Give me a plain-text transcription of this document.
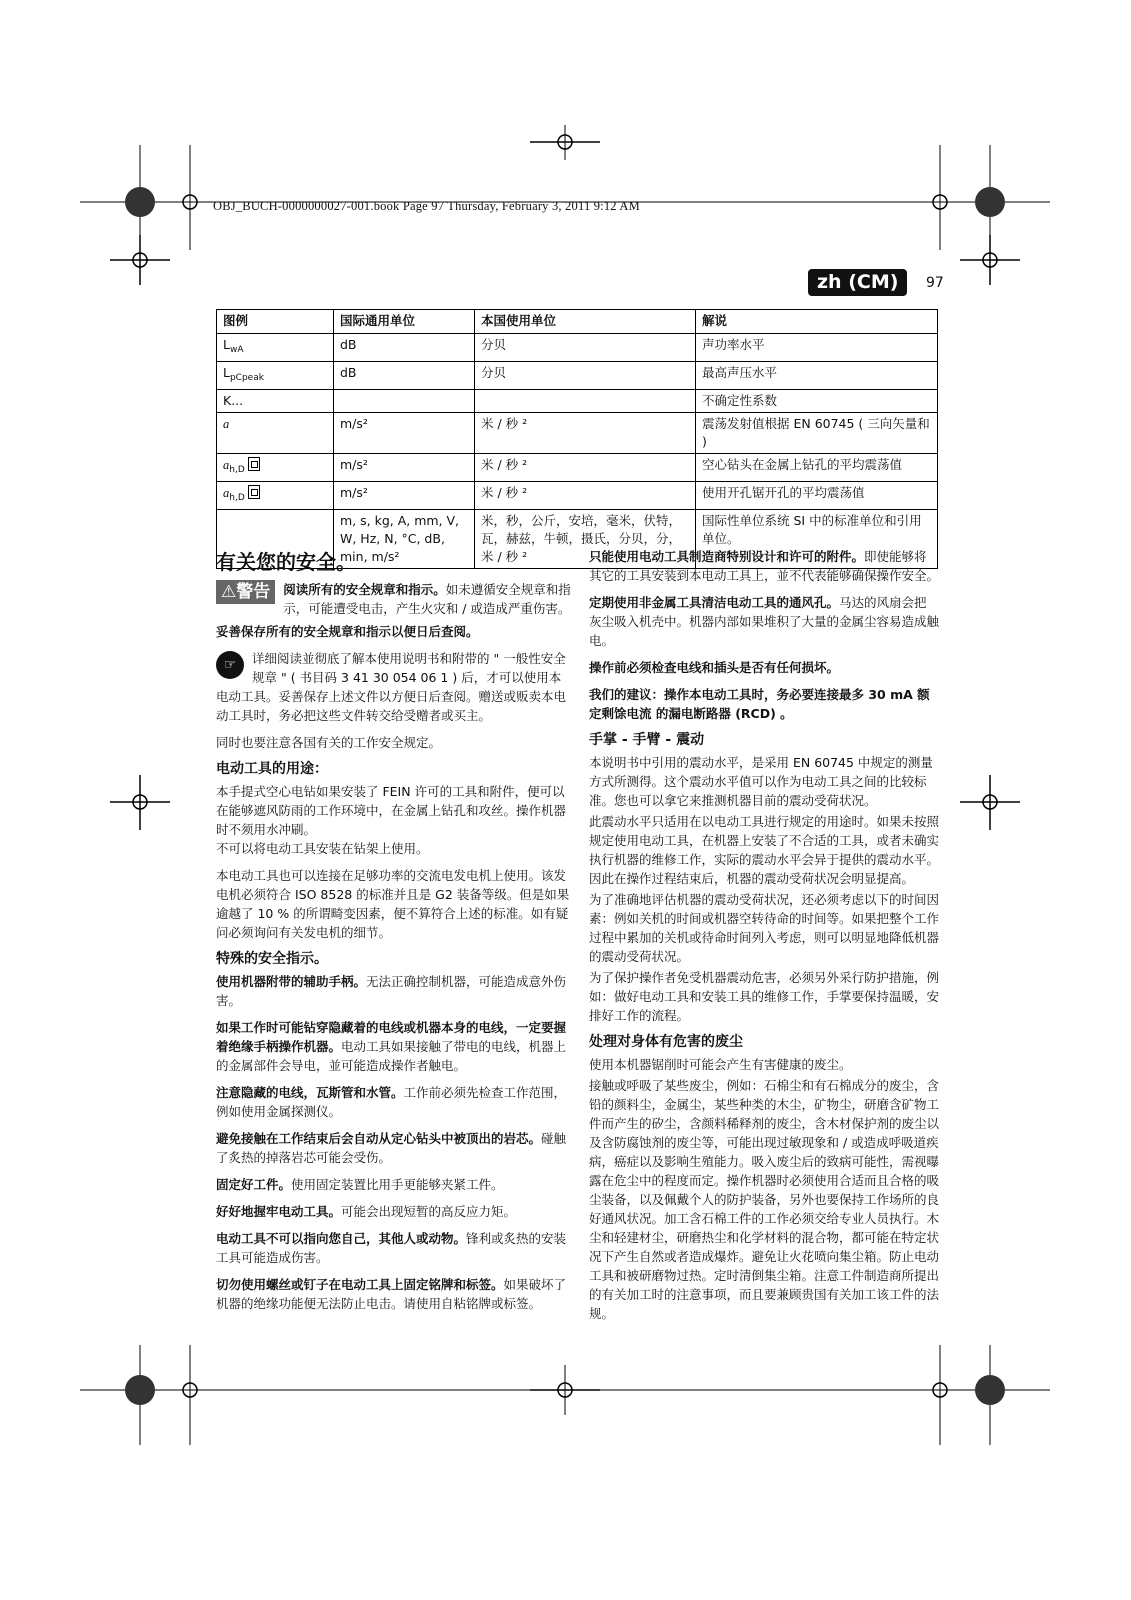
OBJ_BUCH-0000000027-001.book Page 97 Thursday, February 3, 2011 9:12 AM
zh (CM)	97
图例	国际通用单位	本国使用单位	解说
$L_{wA}$	dB	分贝	声功率水平
$L_{pCpeak}$	dB	分贝	最高声压水平
K...			不确定性系数
a	m/s²	米 / 秒 ²	震荡发射值根据 EN 60745 ( 三向矢量和 )
$a_{h,D}$	m/s²	米 / 秒 ²	空心钻头在金属上钻孔的平均震荡值
$a_{h,D}$	m/s²	米 / 秒 ²	使用开孔锯开孔的平均震荡值
	m, s, kg, A, mm, V, W, Hz, N, °C, dB, min, m/s²	米，秒，公斤，安培，毫米，伏特，瓦，赫兹，牛顿，摄氏，分贝，分，米 / 秒 ²	国际性单位系统 SI 中的标准单位和引用单位。
有关您的安全。
⚠警告	阅读所有的安全规章和指示。如未遵循安全规章和指示，可能遭受电击，产生火灾和 / 或造成严重伤害。

妥善保存所有的安全规章和指示以便日后查阅。

☞	详细阅读並彻底了解本使用说明书和附带的 " 一般性安全规章 " ( 书目码 3 41 30 054 06 1 ) 后，才可以使用本电动工具。妥善保存上述文件以方便日后查阅。赠送或贩卖本电动工具时，务必把这些文件转交给受赠者或买主。

同时也要注意各国有关的工作安全规定。

电动工具的用途：

本手提式空心电钻如果安装了 FEIN 许可的工具和附件，便可以在能够遮风防雨的工作环境中，在金属上钻孔和攻丝。操作机器时不须用水冲刷。

不可以将电动工具安装在钻架上使用。

本电动工具也可以连接在足够功率的交流电发电机上使用。该发电机必须符合 ISO 8528 的标准并且是 G2 装备等级。但是如果逾越了 10 % 的所谓畸变因素，便不算符合上述的标准。如有疑问必须询问有关发电机的细节。

特殊的安全指示。

使用机器附带的辅助手柄。无法正确控制机器，可能造成意外伤害。

如果工作时可能钻穿隐藏着的电线或机器本身的电线，一定要握着绝缘手柄操作机器。电动工具如果接触了带电的电线，机器上的金属部件会导电，並可能造成操作者触电。

注意隐藏的电线，瓦斯管和水管。工作前必须先检查工作范围，例如使用金属探测仪。

避免接触在工作结束后会自动从定心钻头中被顶出的岩芯。碰触了炙热的掉落岩芯可能会受伤。

固定好工件。使用固定装置比用手更能够夹紧工件。

好好地握牢电动工具。可能会出现短暂的高反应力矩。

电动工具不可以指向您自己，其他人或动物。锋利或炙热的安装工具可能造成伤害。

切勿使用螺丝或钉子在电动工具上固定铭牌和标签。如果破坏了机器的绝缘功能便无法防止电击。请使用自粘铭牌或标签。

只能使用电动工具制造商特别设计和许可的附件。即使能够将其它的工具安装到本电动工具上，並不代表能够确保操作安全。

定期使用非金属工具清洁电动工具的通风孔。马达的风扇会把灰尘吸入机壳中。机器内部如果堆积了大量的金属尘容易造成触电。

操作前必须检查电线和插头是否有任何损坏。

我们的建议：操作本电动工具时，务必要连接最多 30 mA 额定剩馀电流 的漏电断路器 (RCD) 。

手掌 - 手臂 - 震动

本说明书中引用的震动水平，是采用 EN 60745 中规定的测量方式所测得。这个震动水平值可以作为电动工具之间的比较标准。您也可以拿它来推测机器目前的震动受荷状况。

此震动水平只适用在以电动工具进行规定的用途时。如果未按照规定使用电动工具，在机器上安装了不合适的工具，或者未确实执行机器的维修工作，实际的震动水平会异于提供的震动水平。因此在操作过程结束后，机器的震动受荷状况会明显提高。

为了准确地评估机器的震动受荷状况，还必须考虑以下的时间因素：例如关机的时间或机器空转待命的时间等。如果把整个工作过程中累加的关机或待命时间列入考虑，则可以明显地降低机器的震动受荷状况。

为了保护操作者免受机器震动危害，必须另外采行防护措施，例如：做好电动工具和安装工具的维修工作，手掌要保持温暖，安排好工作的流程。

处理对身体有危害的废尘

使用本机器锯削时可能会产生有害健康的废尘。

接触或呼吸了某些废尘，例如：石棉尘和有石棉成分的废尘，含铅的颜料尘，金属尘，某些种类的木尘，矿物尘，研磨含矿物工件而产生的矽尘，含颜料稀释剂的废尘，含木材保护剂的废尘以及含防腐蚀剂的废尘等，可能出现过敏现象和 / 或造成呼吸道疾病，癌症以及影响生殖能力。吸入废尘后的致病可能性，需视曝露在危尘中的程度而定。操作机器时必须使用合适而且合格的吸尘装备，以及佩戴个人的防护装备，另外也要保持工作场所的良好通风状况。加工含石棉工件的工作必须交给专业人员执行。木尘和轻建材尘，研磨热尘和化学材料的混合物，都可能在特定状况下产生自然或者造成爆炸。避免让火花喷向集尘箱。防止电动工具和被研磨物过热。定时清倒集尘箱。注意工件制造商所提出的有关加工时的注意事项，而且要兼顾贵国有关加工该工件的法规。
